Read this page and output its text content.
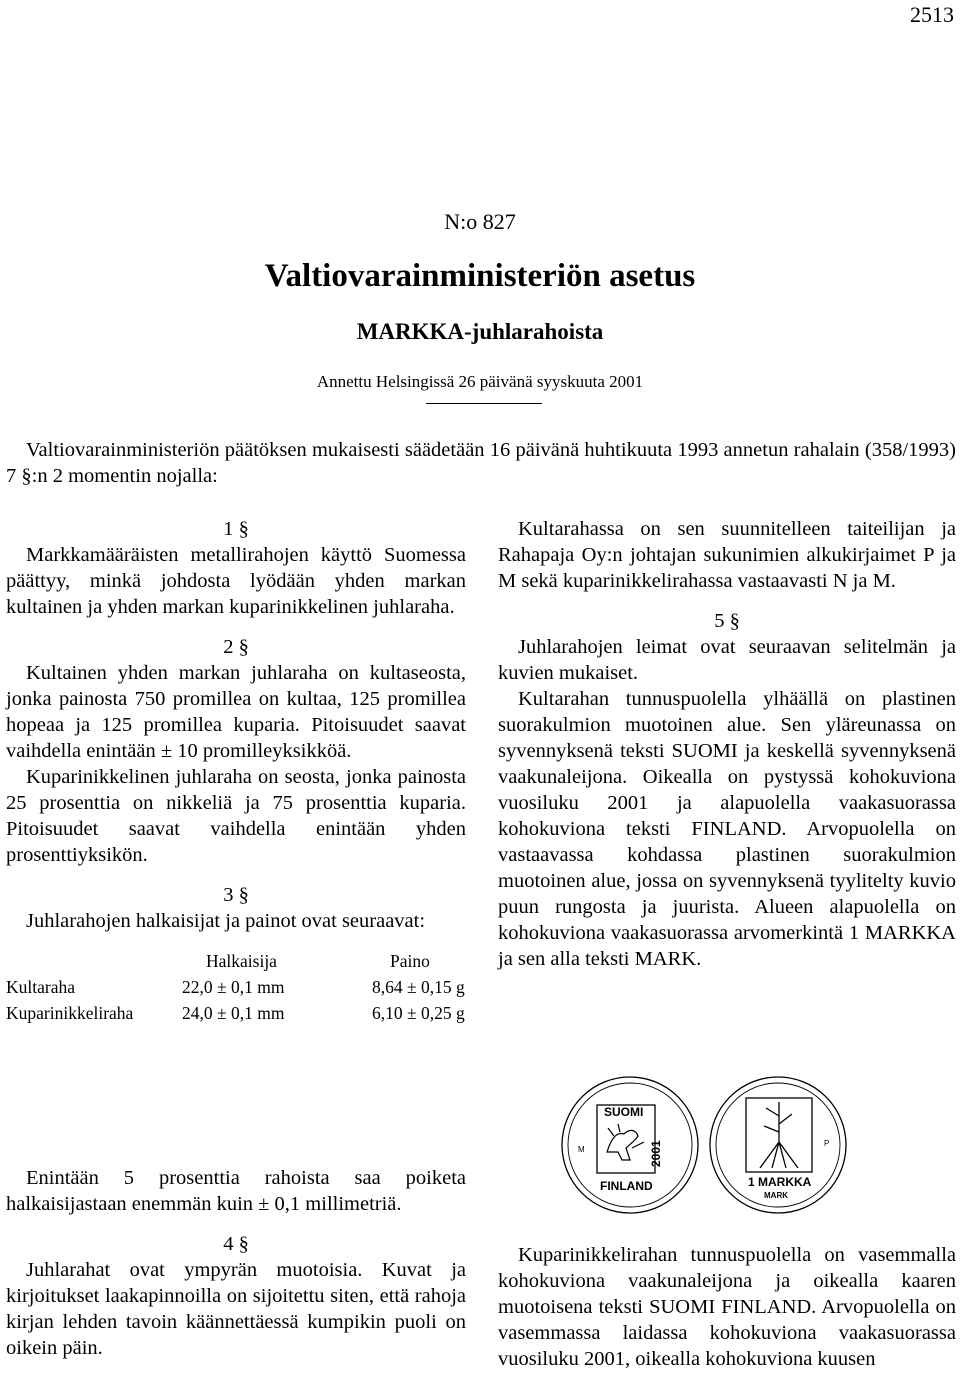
2513
N:o 827
Valtiovarainministeriön asetus
MARKKA-juhlarahoista
Annettu Helsingissä 26 päivänä syyskuuta 2001
Valtiovarainministeriön päätöksen mukaisesti säädetään 16 päivänä huhtikuuta 1993 annetun rahalain (358/1993) 7 §:n 2 momentin nojalla:
1 §

Markkamääräisten metallirahojen käyttö Suomessa päättyy, minkä johdosta lyödään yhden markan kultainen ja yhden markan kuparinikkelinen juhlaraha.

2 §

Kultainen yhden markan juhlaraha on kultaseosta, jonka painosta 750 promillea on kultaa, 125 promillea hopeaa ja 125 promillea kuparia. Pitoisuudet saavat vaihdella enintään ± 10 promilleyksikköä.

Kuparinikkelinen juhlaraha on seosta, jonka painosta 25 prosenttia on nikkeliä ja 75 prosenttia kuparia. Pitoisuudet saavat vaihdella enintään yhden prosenttiyksikön.

3 §

Juhlarahojen halkaisijat ja painot ovat seuraavat:

	Halkaisija	Paino
Kultaraha	22,0 ± 0,1 mm	8,64 ± 0,15 g
Kuparinikkeliraha	24,0 ± 0,1 mm	6,10 ± 0,25 g

Enintään 5 prosenttia rahoista saa poiketa halkaisijastaan enemmän kuin ± 0,1 millimetriä.

4 §

Juhlarahat ovat ympyrän muotoisia. Kuvat ja kirjoitukset laakapinnoilla on sijoitettu siten, että rahoja kirjan lehden tavoin käännettäessä kumpikin puoli on oikein päin.

Kultarahassa on sen suunnitelleen taiteilijan ja Rahapaja Oy:n johtajan sukunimien alkukirjaimet P ja M sekä kuparinikkelirahassa vastaavasti N ja M.

5 §

Juhlarahojen leimat ovat seuraavan selitelmän ja kuvien mukaiset.

Kultarahan tunnuspuolella ylhäällä on plastinen suorakulmion muotoinen alue. Sen yläreunassa on syvennyksenä teksti SUOMI ja keskellä syvennyksenä vaakunaleijona. Oikealla on pystyssä kohokuviona vuosiluku 2001 ja alapuolella vaakasuorassa kohokuviona teksti FINLAND. Arvopuolella on vastaavassa kohdassa plastinen suorakulmion muotoinen alue, jossa on syvennyksenä tyylitelty kuvio puun rungosta ja juurista. Alueen alapuolella on kohokuviona vaakasuorassa arvomerkintä 1 MARKKA ja sen alla teksti MARK.

SUOMI
2001
FINLAND
M
1 MARKKA
MARK
P

Kuparinikkelirahan tunnuspuolella on vasemmalla kohokuviona vaakunaleijona ja oikealla kaaren muotoisena teksti SUOMI FINLAND. Arvopuolella on vasemmassa laidassa kohokuviona vaakasuorassa vuosiluku 2001, oikealla kohokuviona kuusen
